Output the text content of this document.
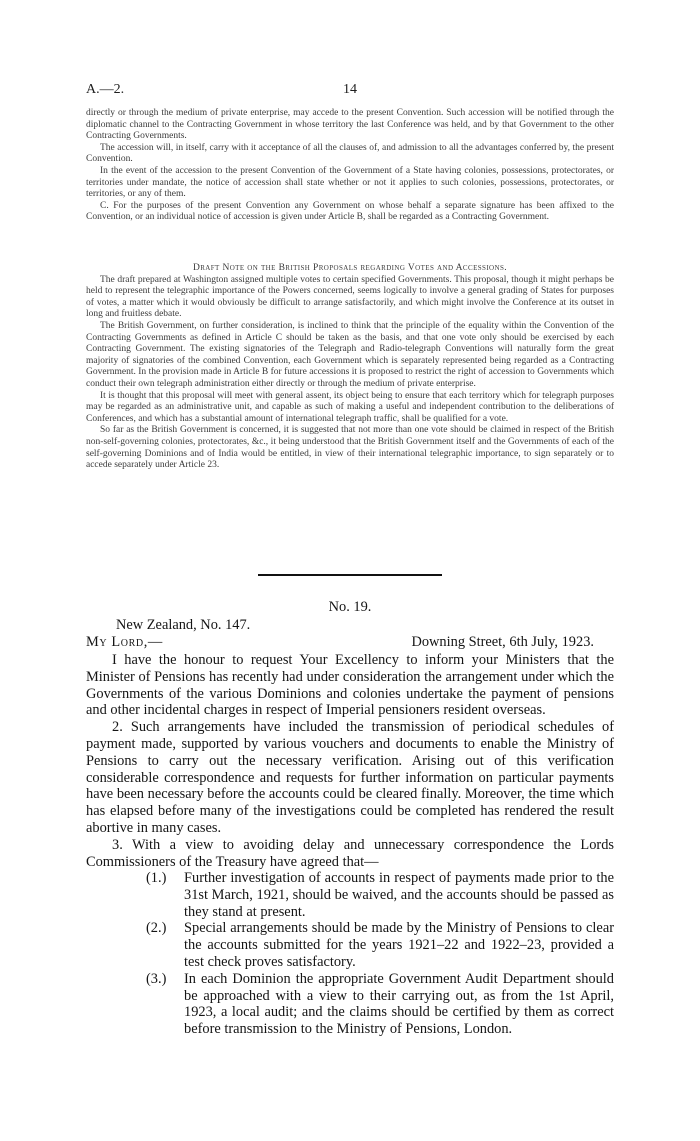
A.—2.	14

directly or through the medium of private enterprise, may accede to the present Convention. Such accession will be notified through the diplomatic channel to the Contracting Government in whose territory the last Conference was held, and by that Government to the other Contracting Governments.

The accession will, in itself, carry with it acceptance of all the clauses of, and admission to all the advantages conferred by, the present Convention.

In the event of the accession to the present Convention of the Government of a State having colonies, possessions, protectorates, or territories under mandate, the notice of accession shall state whether or not it applies to such colonies, possessions, protectorates, or territories, or any of them.

C. For the purposes of the present Convention any Government on whose behalf a separate signature has been affixed to the Convention, or an individual notice of accession is given under Article B, shall be regarded as a Contracting Government.

Draft Note on the British Proposals regarding Votes and Accessions.

The draft prepared at Washington assigned multiple votes to certain specified Governments. This proposal, though it might perhaps be held to represent the telegraphic importance of the Powers concerned, seems logically to involve a general grading of States for purposes of votes, a matter which it would obviously be difficult to arrange satisfactorily, and which might involve the Conference at its outset in long and fruitless debate.

The British Government, on further consideration, is inclined to think that the principle of the equality within the Convention of the Contracting Governments as defined in Article C should be taken as the basis, and that one vote only should be exercised by each Contracting Government. The existing signatories of the Telegraph and Radio-telegraph Conventions will naturally form the great majority of signatories of the combined Convention, each Government which is separately represented being regarded as a Contracting Government. In the provision made in Article B for future accessions it is proposed to restrict the right of accession to Governments which conduct their own telegraph administration either directly or through the medium of private enterprise.

It is thought that this proposal will meet with general assent, its object being to ensure that each territory which for telegraph purposes may be regarded as an administrative unit, and capable as such of making a useful and independent contribution to the deliberations of Conferences, and which has a substantial amount of international telegraph traffic, shall be qualified for a vote.

So far as the British Government is concerned, it is suggested that not more than one vote should be claimed in respect of the British non-self-governing colonies, protectorates, &c., it being understood that the British Government itself and the Governments of each of the self-governing Dominions and of India would be entitled, in view of their international telegraphic importance, to sign separately or to accede separately under Article 23.

No. 19.
New Zealand, No. 147.
My Lord,—	Downing Street, 6th July, 1923.

I have the honour to request Your Excellency to inform your Ministers that the Minister of Pensions has recently had under consideration the arrangement under which the Governments of the various Dominions and colonies undertake the payment of pensions and other incidental charges in respect of Imperial pensioners resident overseas.

2. Such arrangements have included the transmission of periodical schedules of payment made, supported by various vouchers and documents to enable the Ministry of Pensions to carry out the necessary verification. Arising out of this verification considerable correspondence and requests for further information on particular payments have been necessary before the accounts could be cleared finally. Moreover, the time which has elapsed before many of the investigations could be completed has rendered the result abortive in many cases.

3. With a view to avoiding delay and unnecessary correspondence the Lords Commissioners of the Treasury have agreed that—

(1.) Further investigation of accounts in respect of payments made prior to the 31st March, 1921, should be waived, and the accounts should be passed as they stand at present.
(2.) Special arrangements should be made by the Ministry of Pensions to clear the accounts submitted for the years 1921–22 and 1922–23, provided a test check proves satisfactory.
(3.) In each Dominion the appropriate Government Audit Department should be approached with a view to their carrying out, as from the 1st April, 1923, a local audit; and the claims should be certified by them as correct before transmission to the Ministry of Pensions, London.
